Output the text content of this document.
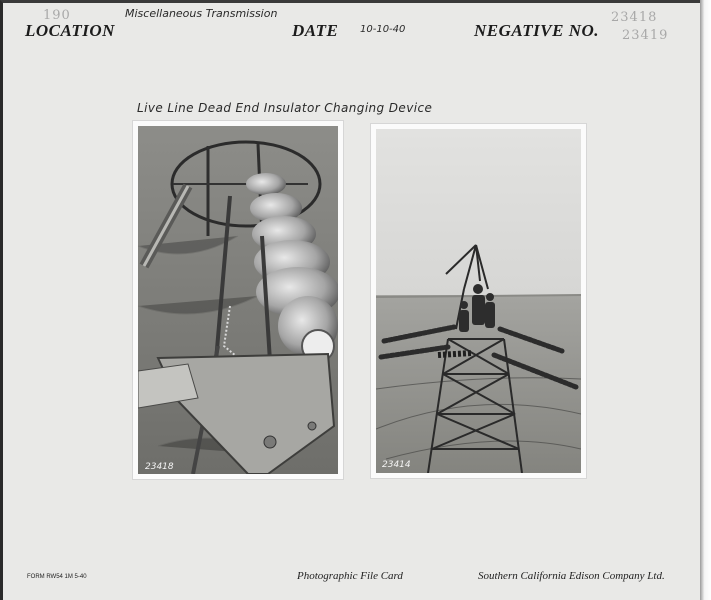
190
LOCATION
Miscellaneous Transmission
DATE 10-10-40	NEGATIVE NO.
23418
23419
Live Line Dead End Insulator Changing Device
23418	23414
FORM RW54 1M 5-40	Photographic File Card	Southern California Edison Company Ltd.
